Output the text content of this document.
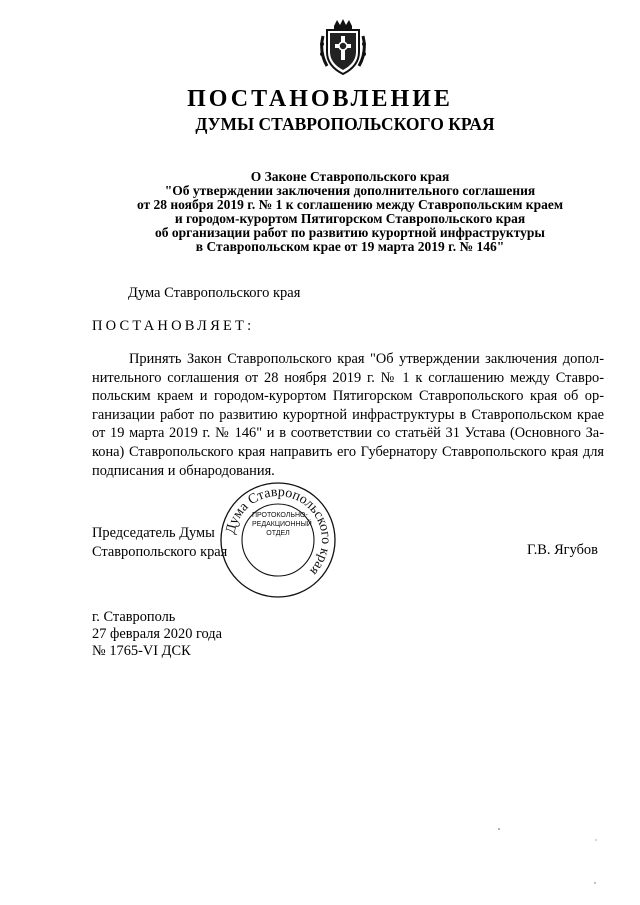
ПОСТАНОВЛЕНИЕ
ДУМЫ СТАВРОПОЛЬСКОГО КРАЯ
О Законе Ставропольского края
"Об утверждении заключения дополнительного соглашения
от 28 ноября 2019 г. № 1 к соглашению между Ставропольским краем
и городом-курортом Пятигорском Ставропольского края
об организации работ по развитию курортной инфраструктуры
в Ставропольском крае от 19 марта 2019 г. № 146"
Дума Ставропольского края
ПОСТАНОВЛЯЕТ:
Принять Закон Ставропольского края "Об утверждении заключения допол-
нительного соглашения от 28 ноября 2019 г. № 1 к соглашению между Ставро-
польским краем и городом-курортом Пятигорском Ставропольского края об ор-
ганизации работ по развитию курортной инфраструктуры в Ставропольском крае
от 19 марта 2019 г. № 146" и в соответствии со статьёй 31 Устава (Основного За-
кона) Ставропольского края направить его Губернатору Ставропольского края для
подписания и обнародования.
Председатель Думы
Ставропольского края
Дума Ставропольского края
ПРОТОКОЛЬНО-
РЕДАКЦИОННЫЙ
ОТДЕЛ
Г.В. Ягубов
г. Ставрополь
27 февраля 2020 года
№ 1765-VI ДСК
